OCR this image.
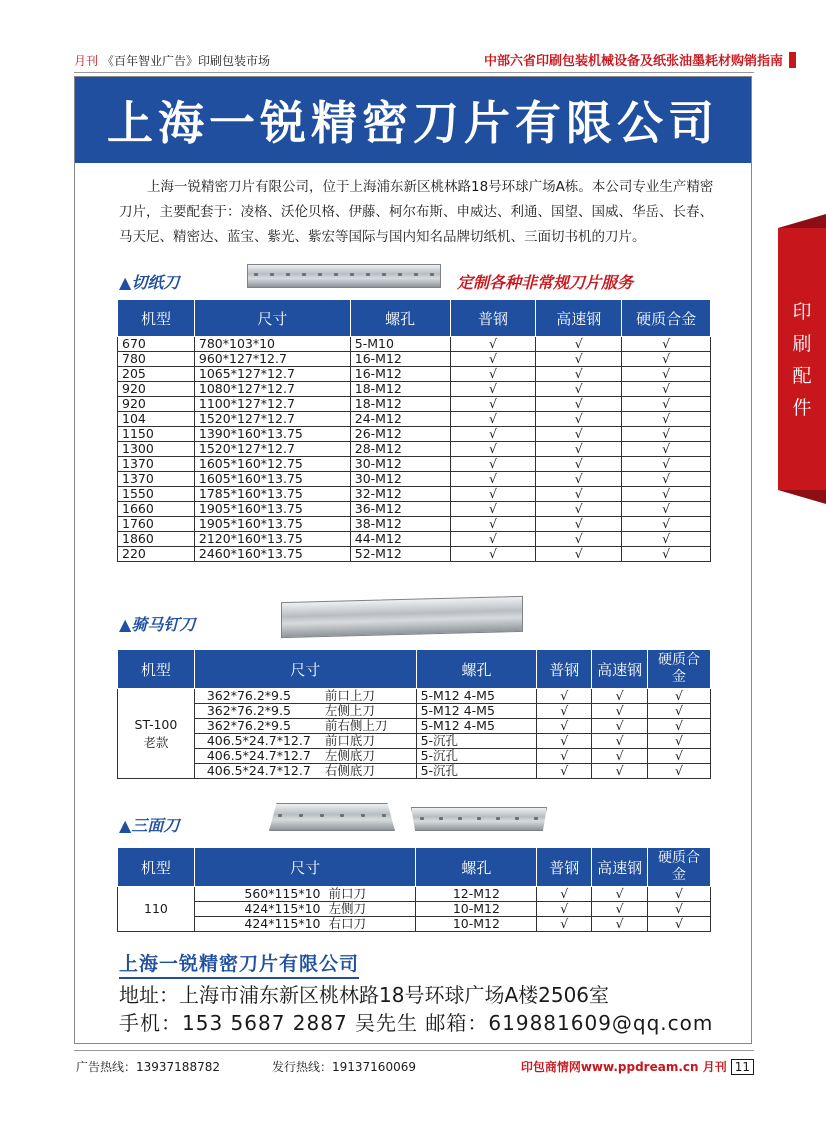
月刊 《百年智业广告》印刷包装市场	中部六省印刷包装机械设备及纸张油墨耗材购销指南
上海一锐精密刀片有限公司
上海一锐精密刀片有限公司，位于上海浦东新区桃林路18号环球广场A栋。本公司专业生产精密刀片，主要配套于：凌格、沃伦贝格、伊藤、柯尔布斯、申威达、利通、国望、国威、华岳、长春、马天尼、精密达、蓝宝、紫光、紫宏等国际与国内知名品牌切纸机、三面切书机的刀片。
▲切纸刀	定制各种非常规刀片服务
机型	尺寸	螺孔	普钢	高速钢	硬质合金
670	780*103*10	5-M10	√	√	√
780	960*127*12.7	16-M12	√	√	√
205	1065*127*12.7	16-M12	√	√	√
920	1080*127*12.7	18-M12	√	√	√
920	1100*127*12.7	18-M12	√	√	√
104	1520*127*12.7	24-M12	√	√	√
1150	1390*160*13.75	26-M12	√	√	√
1300	1520*127*12.7	28-M12	√	√	√
1370	1605*160*12.75	30-M12	√	√	√
1370	1605*160*13.75	30-M12	√	√	√
1550	1785*160*13.75	32-M12	√	√	√
1660	1905*160*13.75	36-M12	√	√	√
1760	1905*160*13.75	38-M12	√	√	√
1860	2120*160*13.75	44-M12	√	√	√
220	2460*160*13.75	52-M12	√	√	√
▲骑马钉刀
机型	尺寸	螺孔	普钢	高速钢	硬质合金

ST-100
老款	362*76.2*9.5 前口上刀	5-M12 4-M5	√	√	√
	362*76.2*9.5 左侧上刀	5-M12 4-M5	√	√	√
	362*76.2*9.5 前右侧上刀	5-M12 4-M5	√	√	√
	406.5*24.7*12.7 前口底刀	5-沉孔	√	√	√
	406.5*24.7*12.7 左侧底刀	5-沉孔	√	√	√
	406.5*24.7*12.7 右侧底刀	5-沉孔	√	√	√
▲三面刀
机型	尺寸	螺孔	普钢	高速钢	硬质合金
110	560*115*10 前口刀	12-M12	√	√	√
	424*115*10 左侧刀	10-M12	√	√	√
	424*115*10 右口刀	10-M12	√	√	√
上海一锐精密刀片有限公司
地址：上海市浦东新区桃林路18号环球广场A楼2506室
手机：153 5687 2887 吴先生 邮箱：619881609@qq.com
印
刷
配
件
广告热线：13937188782	发行热线：19137160069	印包商情网www.ppdream.cn 月刊 11
